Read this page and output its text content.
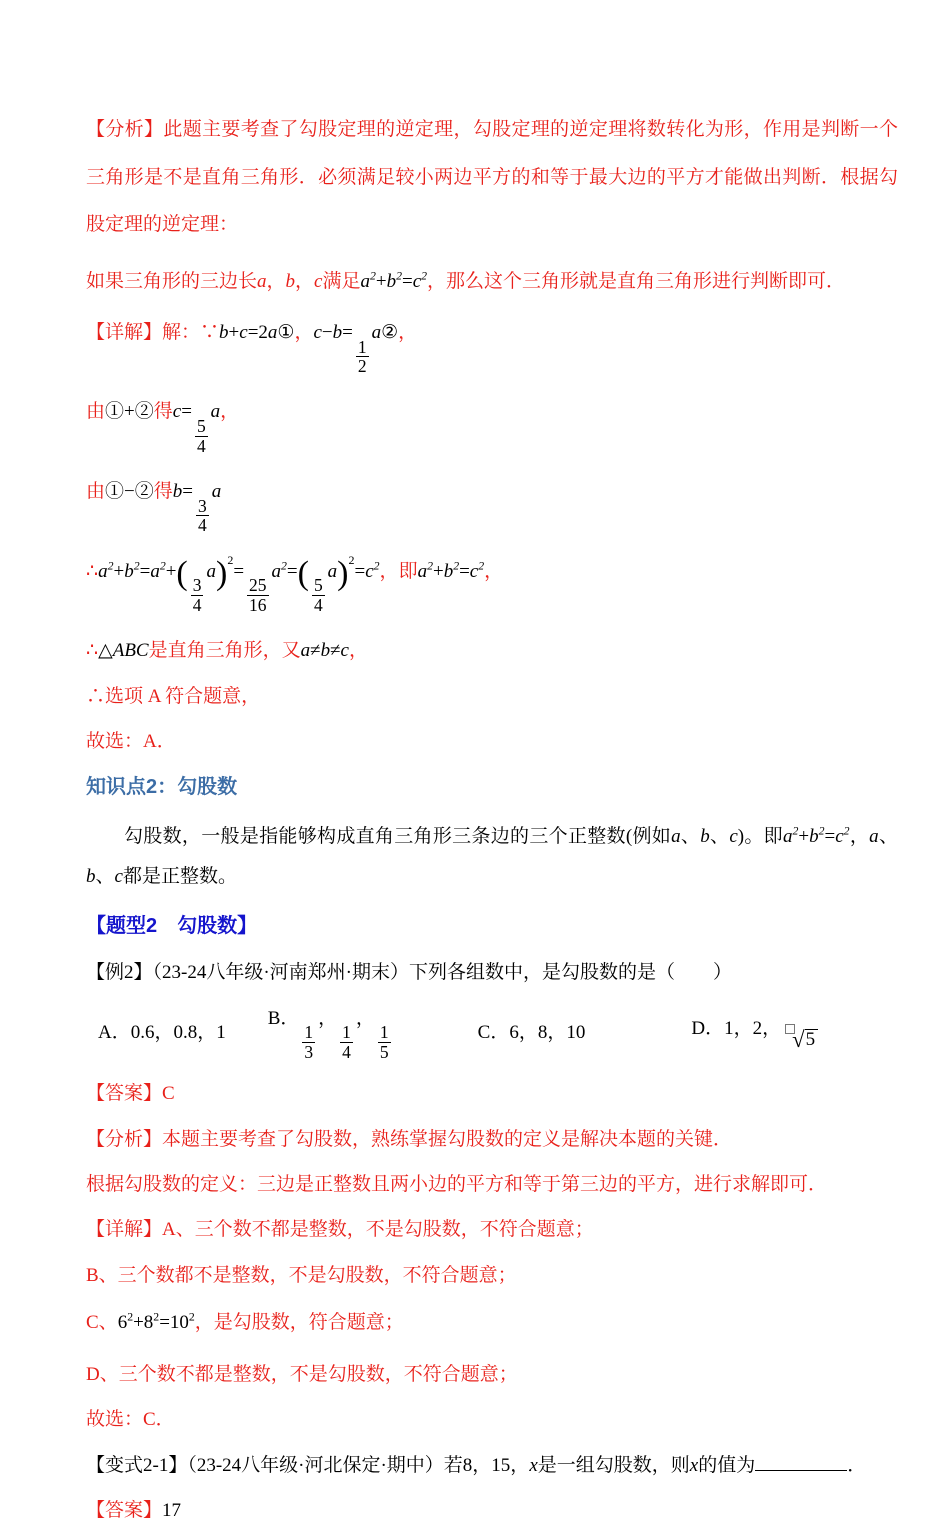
【分析】此题主要考查了勾股定理的逆定理，勾股定理的逆定理将数转化为形，作用是判断一个三角形是不是直角三角形．必须满足较小两边平方的和等于最大边的平方才能做出判断．根据勾股定理的逆定理：
如果三角形的三边长a，b，c满足$a^2+b^2=c^2$，那么这个三角形就是直角三角形进行判断即可．
【详解】解：∵b+c=2a①，c−b=
$\frac{1}{2}$
a②，
由①+②得c=
$\frac{5}{4}$
a，
由①−②得b=
$\frac{3}{4}$
a
$\therefore a^2+b^2=a^2+$(
$\frac{3}{4}$
a)$^2$=
$\frac{25}{16}$
$a^2=$(
$\frac{5}{4}$
$a)^2=c^2$，即$a^2+b^2=c^2$，
∴△ABC是直角三角形，又a≠b≠c，
∴选项 A 符合题意，
故选：A．
知识点2：勾股数
勾股数，一般是指能够构成直角三角形三条边的三个正整数(例如a、b、c)。即$a^2+b^2=c^2$，a、b、c都是正整数。
【题型2　勾股数】
【例2】（23-24八年级·河南郑州·期末）下列各组数中，是勾股数的是（　　）
A．0.6，0.8，1
B．
$\frac{1}{3}$
，
$\frac{1}{4}$
，
$\frac{1}{5}$	C．6，8，10	D．1，2， √ 5
【答案】C
【分析】本题主要考查了勾股数，熟练掌握勾股数的定义是解决本题的关键．
根据勾股数的定义：三边是正整数且两小边的平方和等于第三边的平方，进行求解即可．
【详解】A、三个数不都是整数，不是勾股数，不符合题意；
B、三个数都不是整数，不是勾股数，不符合题意；
C、$6^2+8^2=10^2$，是勾股数，符合题意；
D、三个数不都是整数，不是勾股数，不符合题意；
故选：C．
【变式2-1】（23-24八年级·河北保定·期中）若8，15，x是一组勾股数，则x的值为	．
【答案】17
